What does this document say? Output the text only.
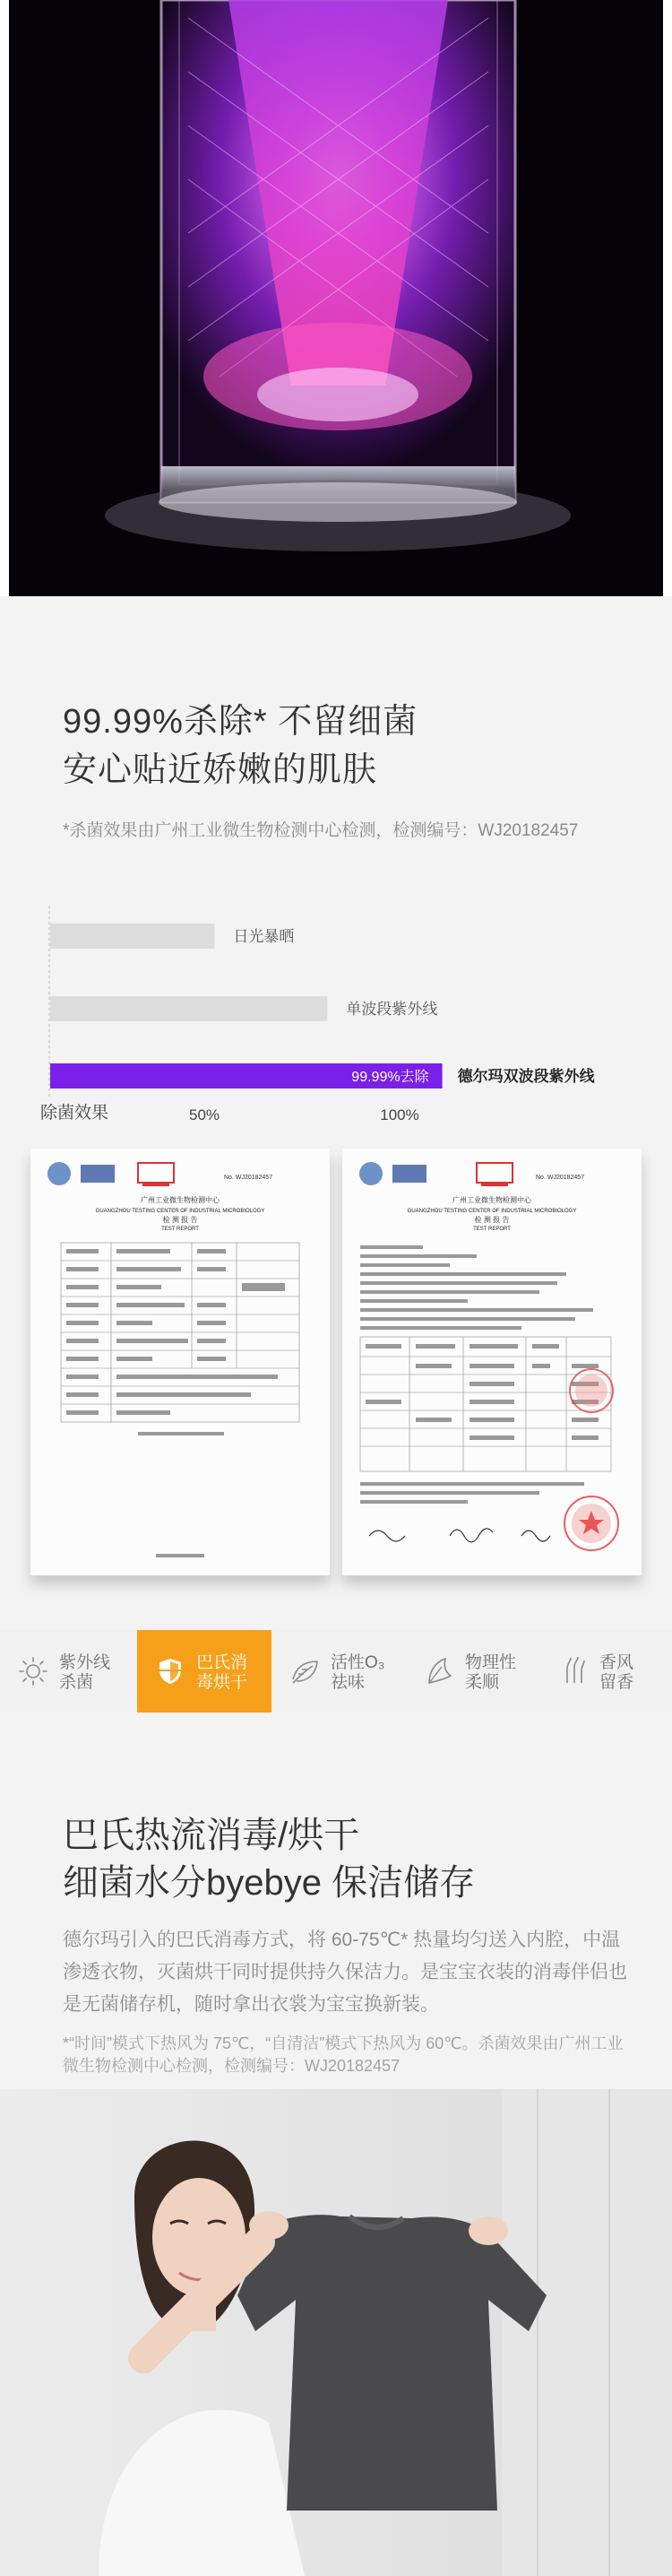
99.99%杀除* 不留细菌
安心贴近娇嫩的肌肤
*杀菌效果由广州工业微生物检测中心检测，检测编号：WJ20182457
日光暴晒
单波段紫外线
99.99%去除 德尔玛双波段紫外线
除菌效果	50%	100%
No. WJ20182457
广州工业微生物检测中心
GUANGZHOU TESTING CENTER OF INDUSTRIAL MICROBIOLOGY
检 测 报 告
TEST REPORT
No. WJ20182457
广州工业微生物检测中心
GUANGZHOU TESTING CENTER OF INDUSTRIAL MICROBIOLOGY
检 测 报 告
TEST REPORT
紫外线
杀菌
巴氏消
毒烘干
活性O₃
祛味
物理性
柔顺
香风
留香
巴氏热流消毒/烘干
细菌水分byebye 保洁储存
德尔玛引入的巴氏消毒方式，将 60-75℃* 热量均匀送入内腔，中温渗透衣物，灭菌烘干同时提供持久保洁力。是宝宝衣装的消毒伴侣也是无菌储存机，随时拿出衣裳为宝宝换新装。
*“时间”模式下热风为 75℃，“自清洁”模式下热风为 60℃。杀菌效果由广州工业微生物检测中心检测，检测编号：WJ20182457
